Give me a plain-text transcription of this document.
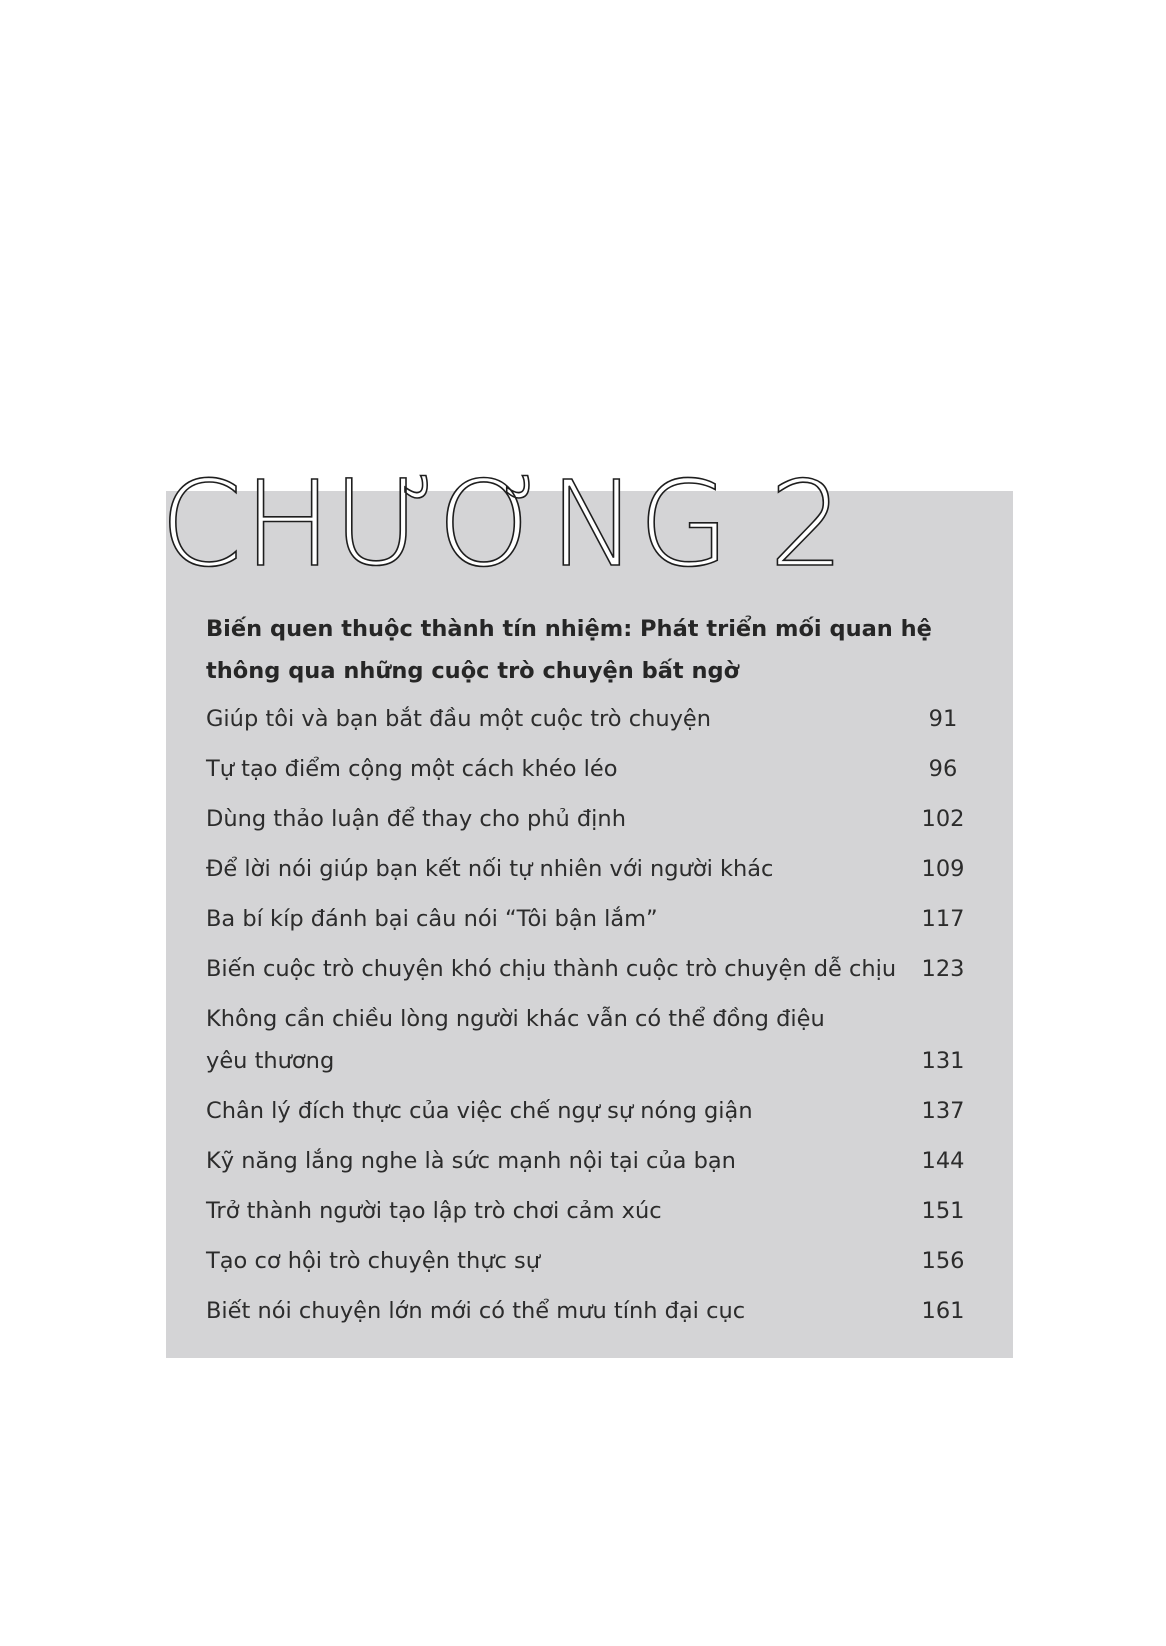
CHƯƠNG 2
Biến quen thuộc thành tín nhiệm: Phát triển mối quan hệ
thông qua những cuộc trò chuyện bất ngờ
Giúp tôi và bạn bắt đầu một cuộc trò chuyện	91
Tự tạo điểm cộng một cách khéo léo	96
Dùng thảo luận để thay cho phủ định	102
Để lời nói giúp bạn kết nối tự nhiên với người khác	109
Ba bí kíp đánh bại câu nói “Tôi bận lắm”	117
Biến cuộc trò chuyện khó chịu thành cuộc trò chuyện dễ chịu	123
Không cần chiều lòng người khác vẫn có thể đồng điệu
yêu thương	131
Chân lý đích thực của việc chế ngự sự nóng giận	137
Kỹ năng lắng nghe là sức mạnh nội tại của bạn	144
Trở thành người tạo lập trò chơi cảm xúc	151
Tạo cơ hội trò chuyện thực sự	156
Biết nói chuyện lớn mới có thể mưu tính đại cục	161
